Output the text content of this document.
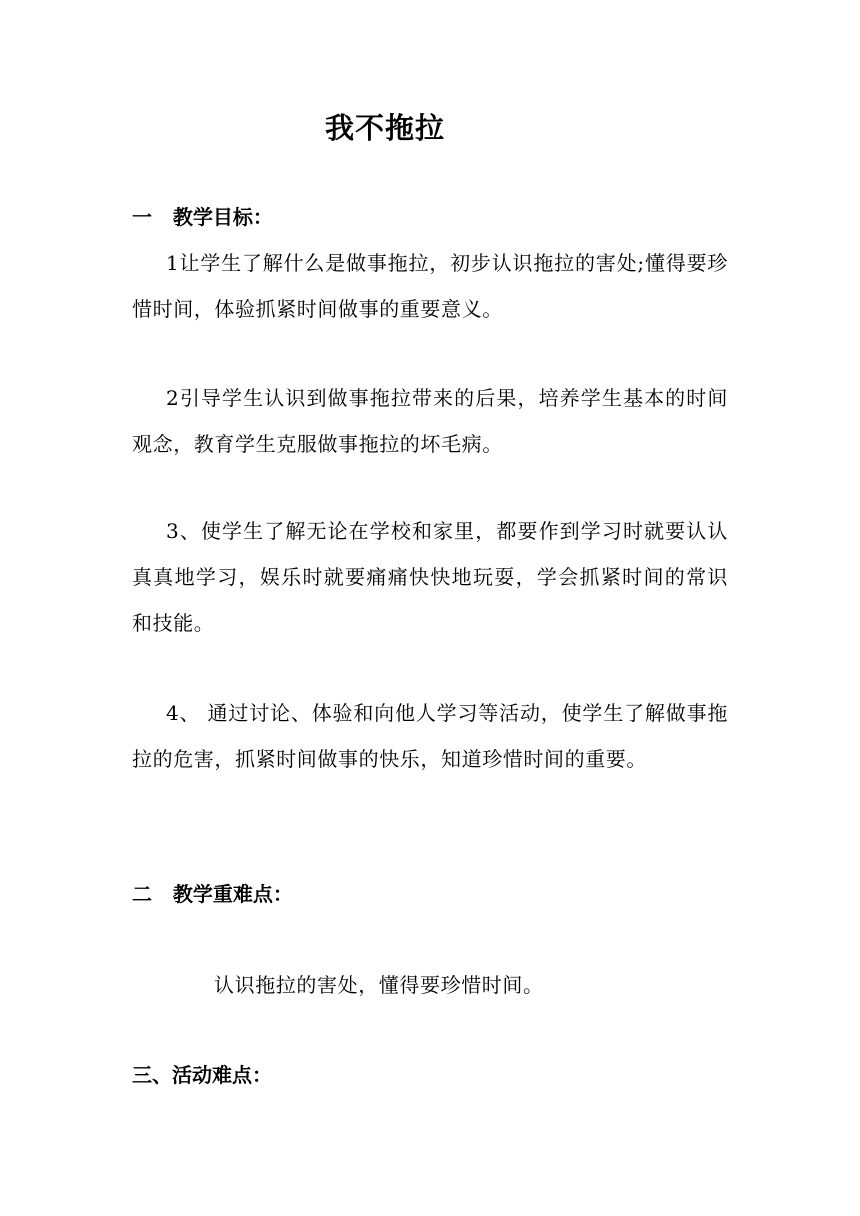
我不拖拉
一   教学目标：
1让学生了解什么是做事拖拉，初步认识拖拉的害处;懂得要珍惜时间，体验抓紧时间做事的重要意义。
2引导学生认识到做事拖拉带来的后果，培养学生基本的时间观念，教育学生克服做事拖拉的坏毛病。
3、使学生了解无论在学校和家里，都要作到学习时就要认认真真地学习，娱乐时就要痛痛快快地玩耍，学会抓紧时间的常识和技能。
4、 通过讨论、体验和向他人学习等活动，使学生了解做事拖拉的危害，抓紧时间做事的快乐，知道珍惜时间的重要。
二   教学重难点：
认识拖拉的害处，懂得要珍惜时间。
三、活动难点：
